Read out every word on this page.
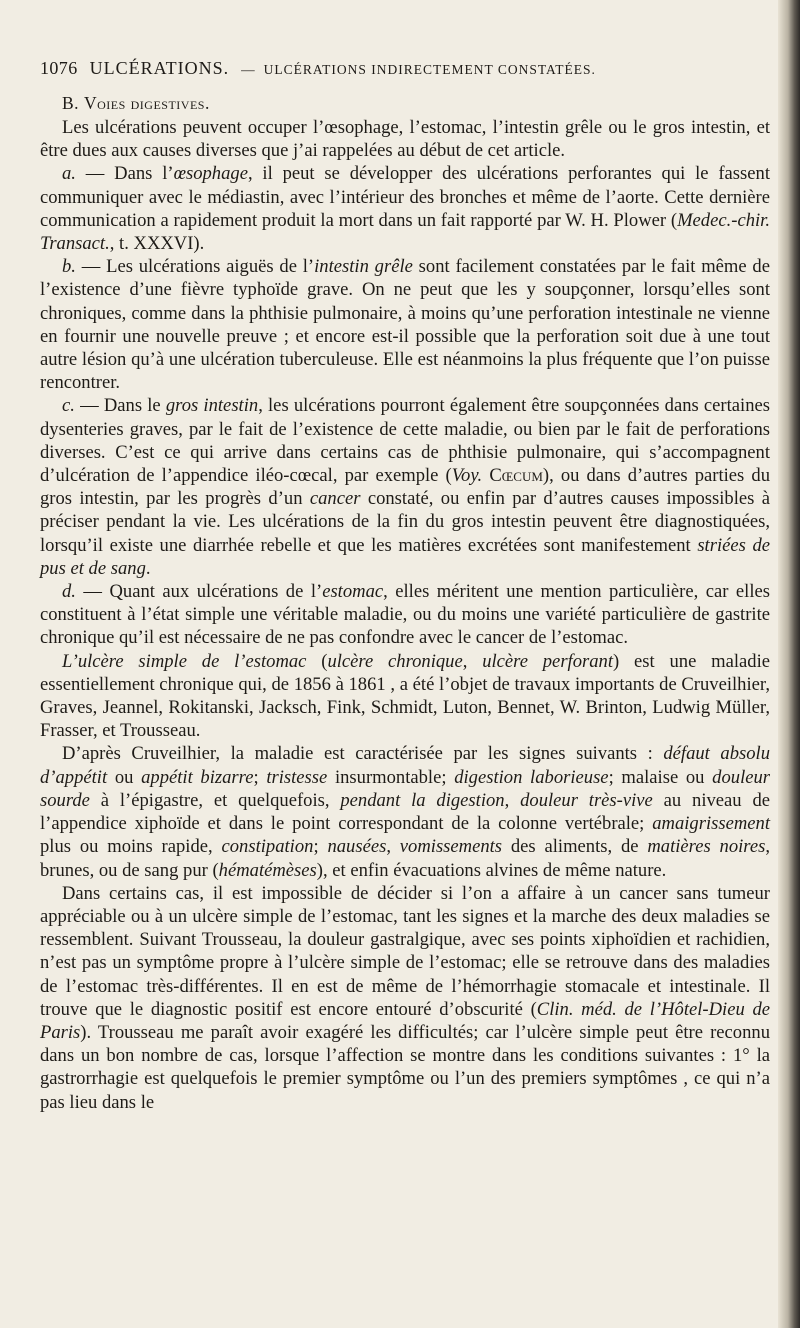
1076 ULCÉRATIONS. — ULCÉRATIONS INDIRECTEMENT CONSTATÉES.
B. Voies digestives.

Les ulcérations peuvent occuper l’œsophage, l’estomac, l’intestin grêle ou le gros intestin, et être dues aux causes diverses que j’ai rappelées au début de cet article.

a. — Dans l’œsophage, il peut se développer des ulcérations perforantes qui le fassent communiquer avec le médiastin, avec l’intérieur des bronches et même de l’aorte. Cette dernière communication a rapidement produit la mort dans un fait rapporté par W. H. Plower (Medec.-chir. Transact., t. XXXVI).

b. — Les ulcérations aiguës de l’intestin grêle sont facilement constatées par le fait même de l’existence d’une fièvre typhoïde grave. On ne peut que les y soupçonner, lorsqu’elles sont chroniques, comme dans la phthisie pulmonaire, à moins qu’une perforation intestinale ne vienne en fournir une nouvelle preuve ; et encore est-il possible que la perforation soit due à une tout autre lésion qu’à une ulcération tuberculeuse. Elle est néanmoins la plus fréquente que l’on puisse rencontrer.

c. — Dans le gros intestin, les ulcérations pourront également être soupçonnées dans certaines dysenteries graves, par le fait de l’existence de cette maladie, ou bien par le fait de perforations diverses. C’est ce qui arrive dans certains cas de phthisie pulmonaire, qui s’accompagnent d’ulcération de l’appendice iléo-cœcal, par exemple (Voy. Cœcum), ou dans d’autres parties du gros intestin, par les progrès d’un cancer constaté, ou enfin par d’autres causes impossibles à préciser pendant la vie. Les ulcérations de la fin du gros intestin peuvent être diagnostiquées, lorsqu’il existe une diarrhée rebelle et que les matières excrétées sont manifestement striées de pus et de sang.

d. — Quant aux ulcérations de l’estomac, elles méritent une mention particulière, car elles constituent à l’état simple une véritable maladie, ou du moins une variété particulière de gastrite chronique qu’il est nécessaire de ne pas confondre avec le cancer de l’estomac.

L’ulcère simple de l’estomac (ulcère chronique, ulcère perforant) est une maladie essentiellement chronique qui, de 1856 à 1861 , a été l’objet de travaux importants de Cruveilhier, Graves, Jeannel, Rokitanski, Jacksch, Fink, Schmidt, Luton, Bennet, W. Brinton, Ludwig Müller, Frasser, et Trousseau.

D’après Cruveilhier, la maladie est caractérisée par les signes suivants : défaut absolu d’appétit ou appétit bizarre; tristesse insurmontable; digestion laborieuse; malaise ou douleur sourde à l’épigastre, et quelquefois, pendant la digestion, douleur très-vive au niveau de l’appendice xiphoïde et dans le point correspondant de la colonne vertébrale; amaigrissement plus ou moins rapide, constipation; nausées, vomissements des aliments, de matières noires, brunes, ou de sang pur (hématémèses), et enfin évacuations alvines de même nature.

Dans certains cas, il est impossible de décider si l’on a affaire à un cancer sans tumeur appréciable ou à un ulcère simple de l’estomac, tant les signes et la marche des deux maladies se ressemblent. Suivant Trousseau, la douleur gastralgique, avec ses points xiphoïdien et rachidien, n’est pas un symptôme propre à l’ulcère simple de l’estomac; elle se retrouve dans des maladies de l’estomac très-différentes. Il en est de même de l’hémorrhagie stomacale et intestinale. Il trouve que le diagnostic positif est encore entouré d’obscurité (Clin. méd. de l’Hôtel-Dieu de Paris). Trousseau me paraît avoir exagéré les difficultés; car l’ulcère simple peut être reconnu dans un bon nombre de cas, lorsque l’affection se montre dans les conditions suivantes : 1° la gastrorrhagie est quelquefois le premier symptôme ou l’un des premiers symptômes , ce qui n’a pas lieu dans le
